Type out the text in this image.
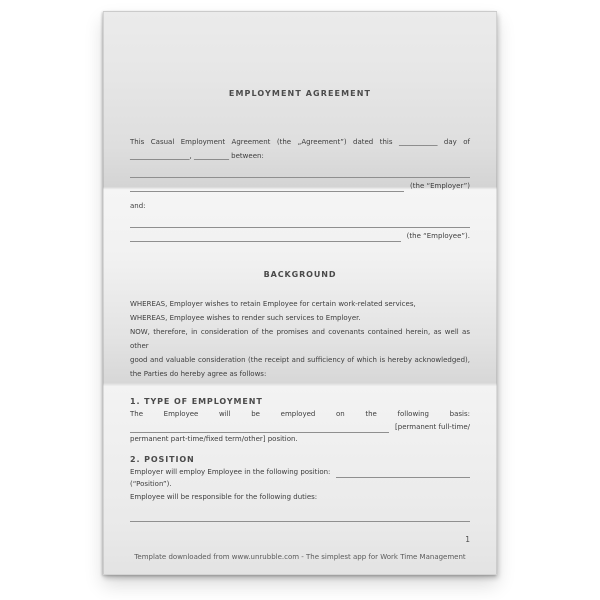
EMPLOYMENT AGREEMENT
This Casual Employment Agreement (the „Agreement”) dated this ___________ day of
_________________, __________ between:
(the “Employer”)
and:
(the “Employee”).
BACKGROUND
WHEREAS, Employer wishes to retain Employee for certain work-related services,
WHEREAS, Employee wishes to render such services to Employer.
NOW, therefore, in consideration of the promises and covenants contained herein, as well as other
good and valuable consideration (the receipt and sufficiency of which is hereby acknowledged),
the Parties do hereby agree as follows:
1. TYPE OF EMPLOYMENT
The Employee will be employed on the following basis:
[permanent full-time/
permanent part-time/fixed term/other] position.
2. POSITION
Employer will employ Employee in the following position:
(“Position”).
Employee will be responsible for the following duties:
1
Template downloaded from www.unrubble.com - The simplest app for Work Time Management
